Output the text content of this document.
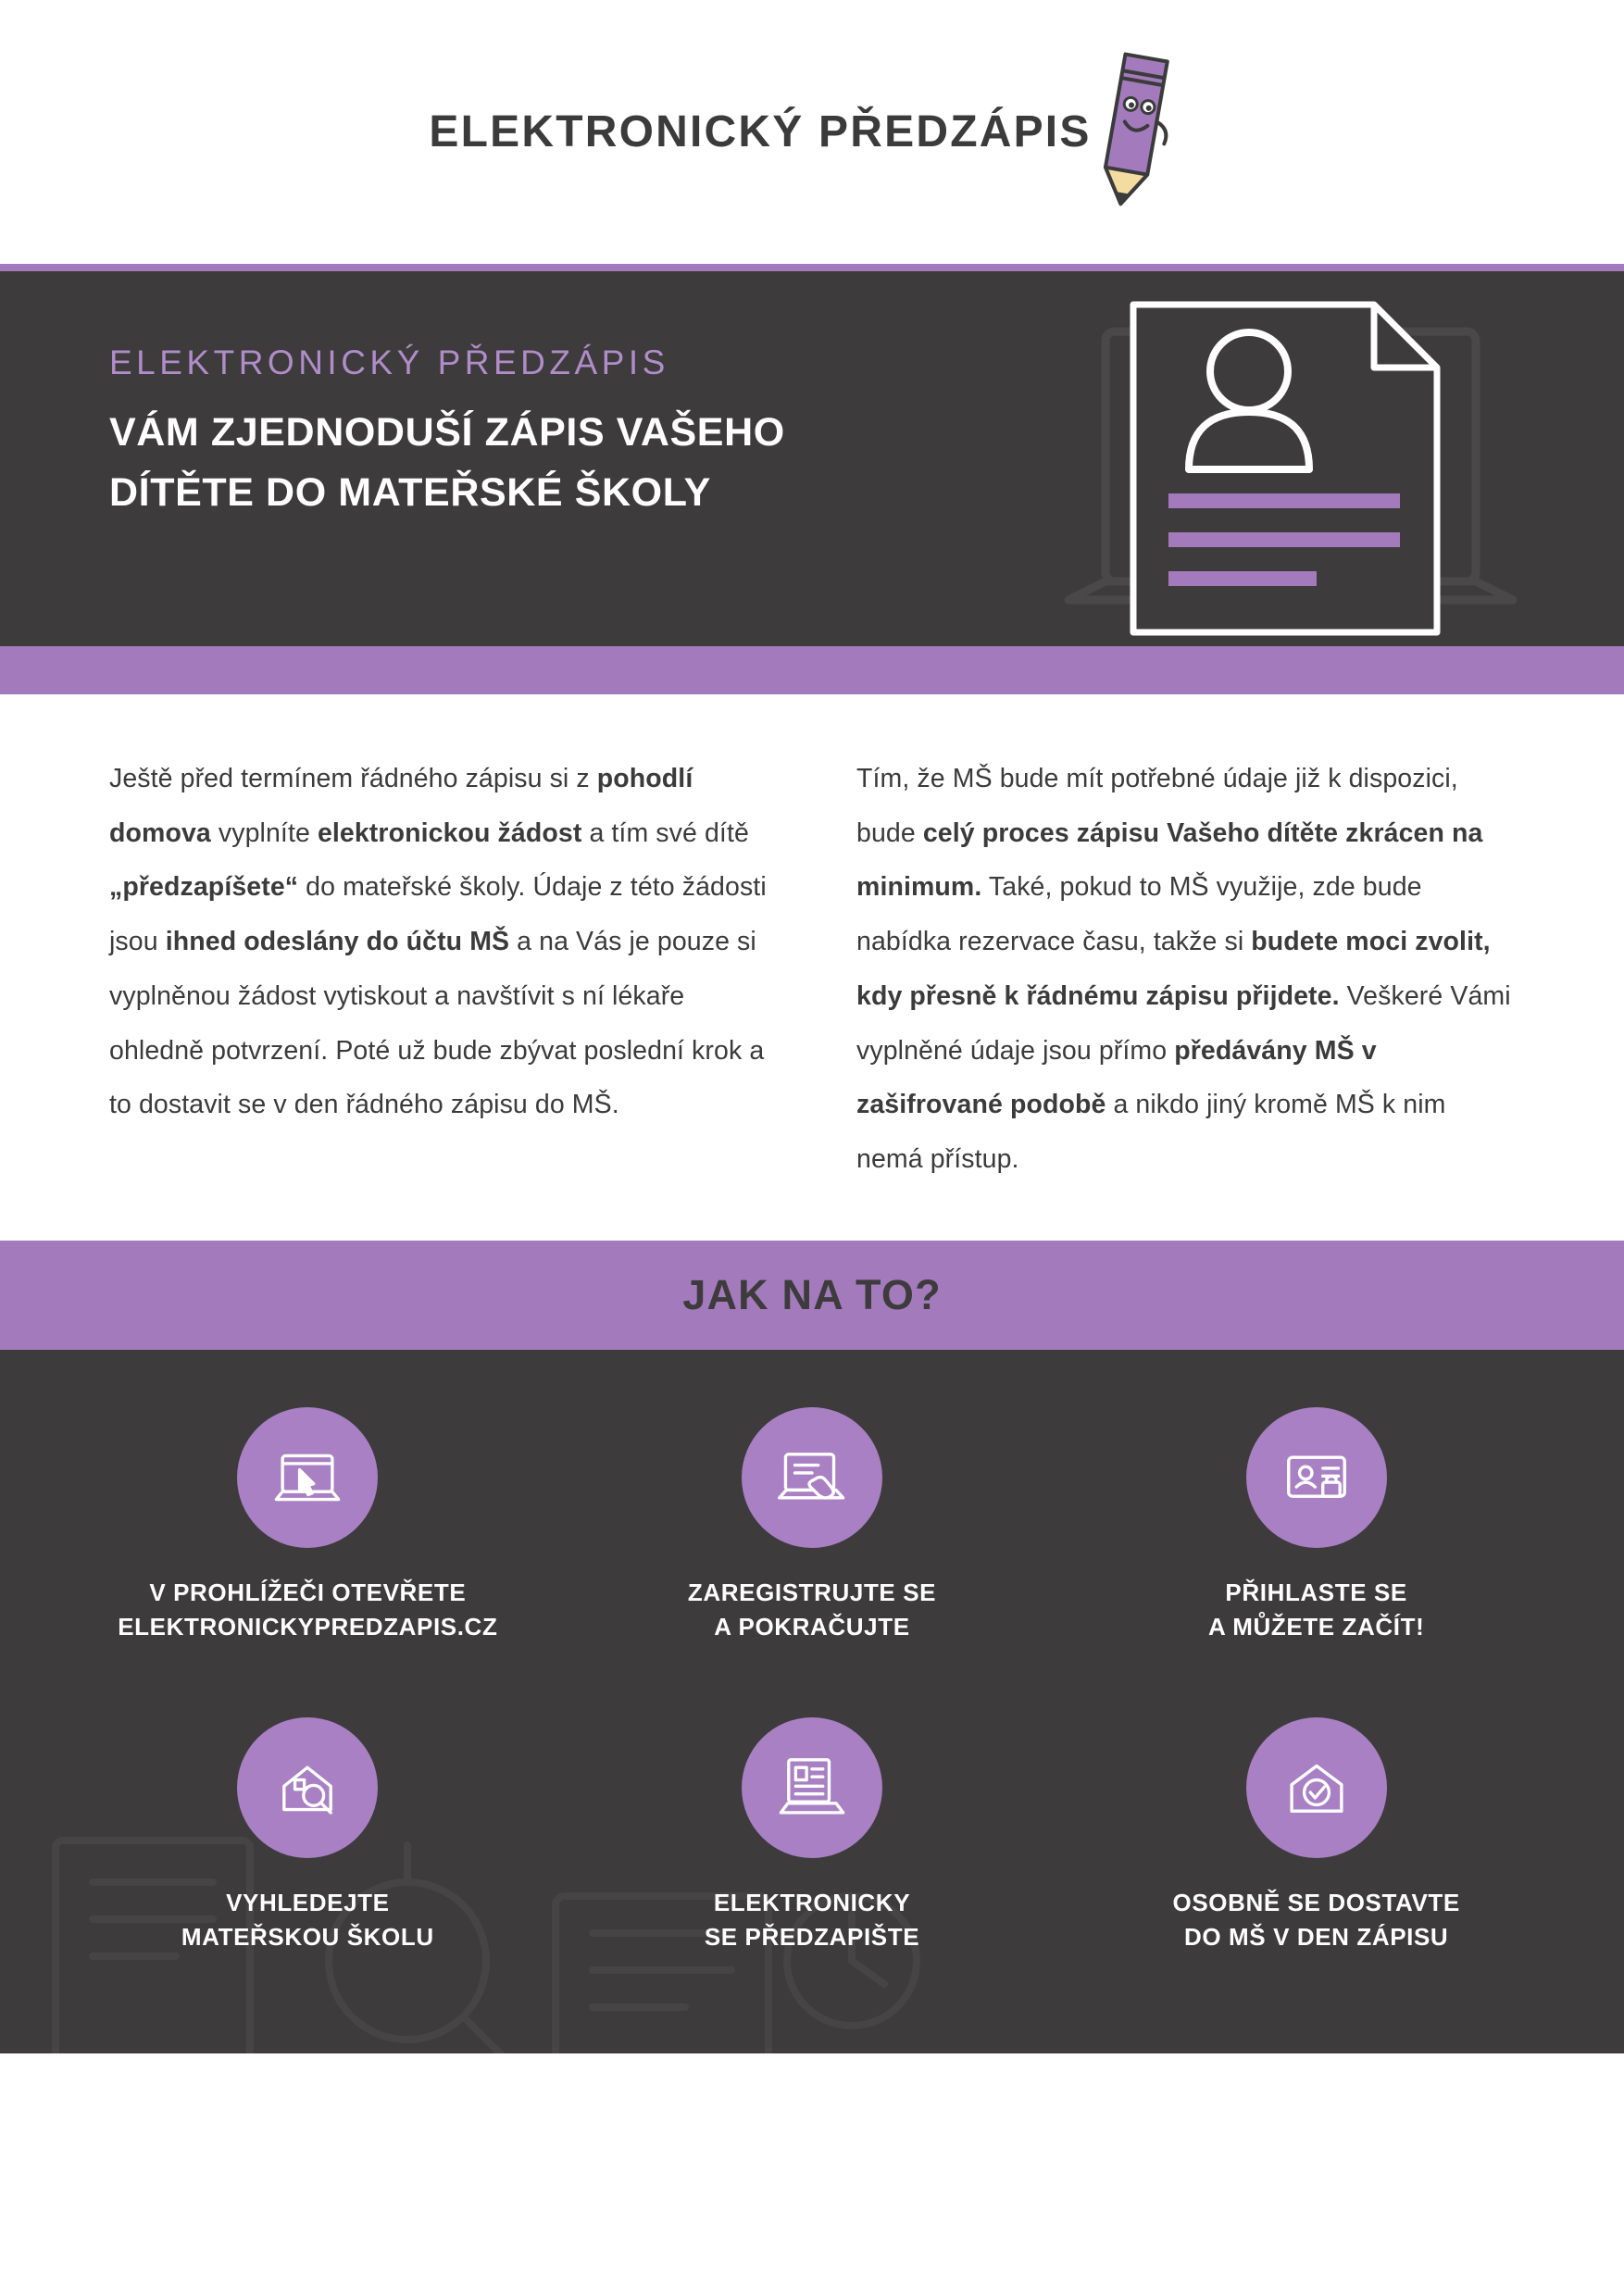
ELEKTRONICKÝ PŘEDZÁPIS
ELEKTRONICKÝ PŘEDZÁPIS
VÁM ZJEDNODUŠÍ ZÁPIS VAŠEHO
DÍTĚTE DO MATEŘSKÉ ŠKOLY
Ještě před termínem řádného zápisu si z pohodlí domova vyplníte elektronickou žádost a tím své dítě „předzapíšete“ do mateřské školy. Údaje z této žádosti jsou ihned odeslány do účtu MŠ a na Vás je pouze si vyplněnou žádost vytiskout a navštívit s ní lékaře ohledně potvrzení. Poté už bude zbývat poslední krok a to dostavit se v den řádného zápisu do MŠ.
Tím, že MŠ bude mít potřebné údaje již k dispozici, bude celý proces zápisu Vašeho dítěte zkrácen na minimum. Také, pokud to MŠ využije, zde bude nabídka rezervace času, takže si budete moci zvolit, kdy přesně k řádnému zápisu přijdete. Veškeré Vámi vyplněné údaje jsou přímo předávány MŠ v zašifrované podobě a nikdo jiný kromě MŠ k nim nemá přístup.
JAK NA TO?
V PROHLÍŽEČI OTEVŘETE
ELEKTRONICKYPREDZAPIS.CZ
ZAREGISTRUJTE SE
A POKRAČUJTE
PŘIHLASTE SE
A MŮŽETE ZAČÍT!
VYHLEDEJTE
MATEŘSKOU ŠKOLU
ELEKTRONICKY
SE PŘEDZAPIŠTE
OSOBNĚ SE DOSTAVTE
DO MŠ V DEN ZÁPISU
